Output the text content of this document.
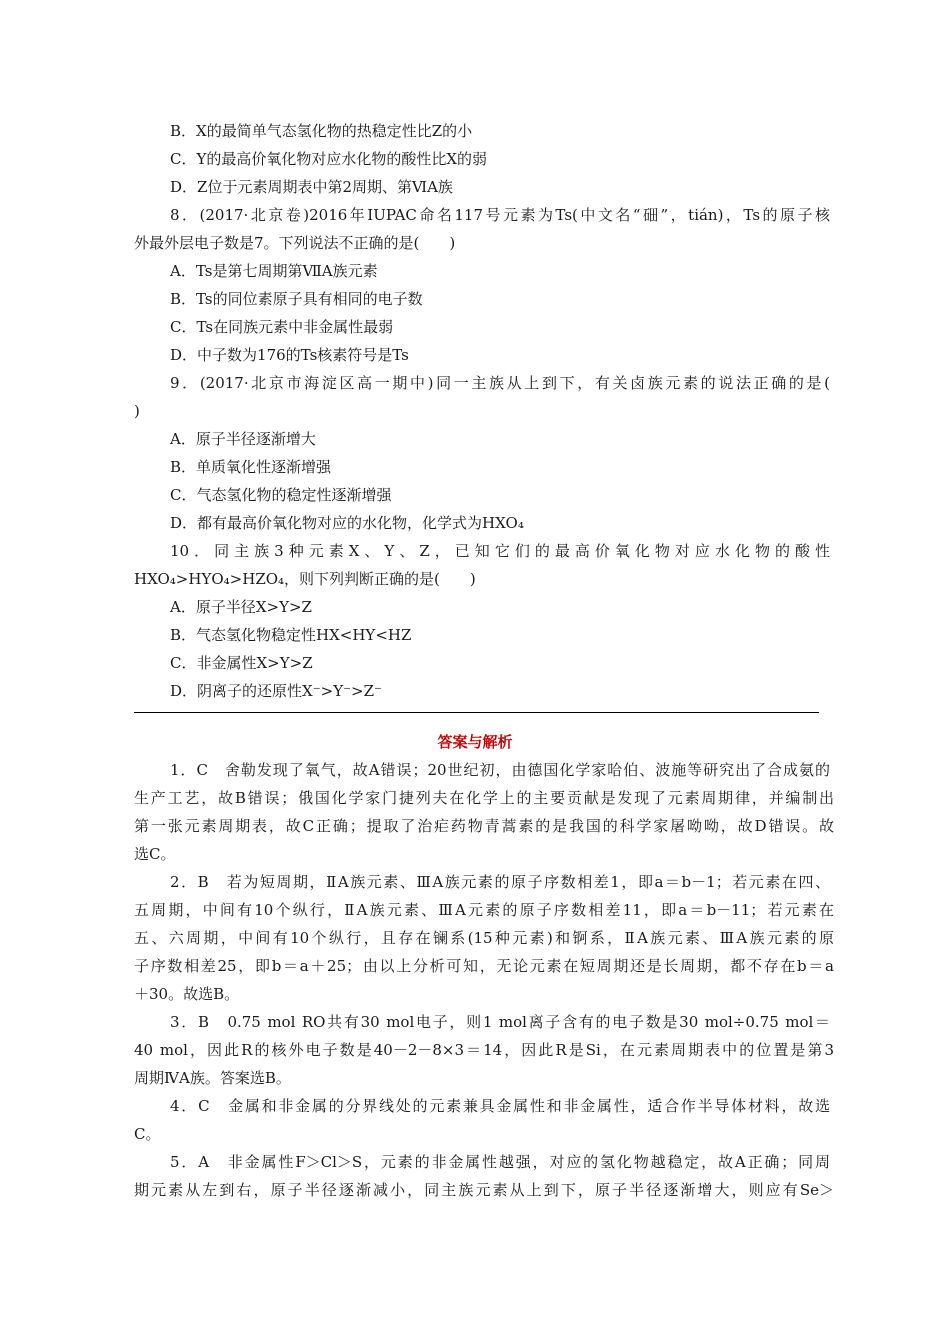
B．X的最简单气态氢化物的热稳定性比Z的小
C．Y的最高价氧化物对应水化物的酸性比X的弱
D．Z位于元素周期表中第2周期、第ⅥA族
8．(2017·北京卷)2016年IUPAC命名117号元素为Ts(中文名“鿬”，tián)，Ts的原子核
外最外层电子数是7。下列说法不正确的是(　　)
A．Ts是第七周期第ⅦA族元素
B．Ts的同位素原子具有相同的电子数
C．Ts在同族元素中非金属性最弱
D．中子数为176的Ts核素符号是Ts
9．(2017·北京市海淀区高一期中)同一主族从上到下，有关卤族元素的说法正确的是(
)
A．原子半径逐渐增大
B．单质氧化性逐渐增强
C．气态氢化物的稳定性逐渐增强
D．都有最高价氧化物对应的水化物，化学式为HXO₄
10．同主族3种元素X、Y、Z，已知它们的最高价氧化物对应水化物的酸性
HXO₄>HYO₄>HZO₄，则下列判断正确的是(　　)
A．原子半径X>Y>Z
B．气态氢化物稳定性HX<HY<HZ
C．非金属性X>Y>Z
D．阴离子的还原性X⁻>Y⁻>Z⁻
答案与解析
1．C　舍勒发现了氧气，故A错误；20世纪初，由德国化学家哈伯、波施等研究出了合成氨的
生产工艺，故B错误；俄国化学家门捷列夫在化学上的主要贡献是发现了元素周期律，并编制出
第一张元素周期表，故C正确；提取了治疟药物青蒿素的是我国的科学家屠呦呦，故D错误。故
选C。
2．B　若为短周期，ⅡA族元素、ⅢA族元素的原子序数相差1，即a＝b－1；若元素在四、
五周期，中间有10个纵行，ⅡA族元素、ⅢA元素的原子序数相差11，即a＝b－11；若元素在
五、六周期，中间有10个纵行，且存在镧系(15种元素)和锕系，ⅡA族元素、ⅢA族元素的原
子序数相差25，即b＝a＋25；由以上分析可知，无论元素在短周期还是长周期，都不存在b＝a
＋30。故选B。
3．B　0.75 mol RO共有30 mol电子，则1 mol离子含有的电子数是30 mol÷0.75 mol＝
40 mol，因此R的核外电子数是40－2－8×3＝14，因此R是Si，在元素周期表中的位置是第3
周期ⅣA族。答案选B。
4．C　金属和非金属的分界线处的元素兼具金属性和非金属性，适合作半导体材料，故选
C。
5．A　非金属性F＞Cl＞S，元素的非金属性越强，对应的氢化物越稳定，故A正确；同周
期元素从左到右，原子半径逐渐减小，同主族元素从上到下，原子半径逐渐增大，则应有Se＞
